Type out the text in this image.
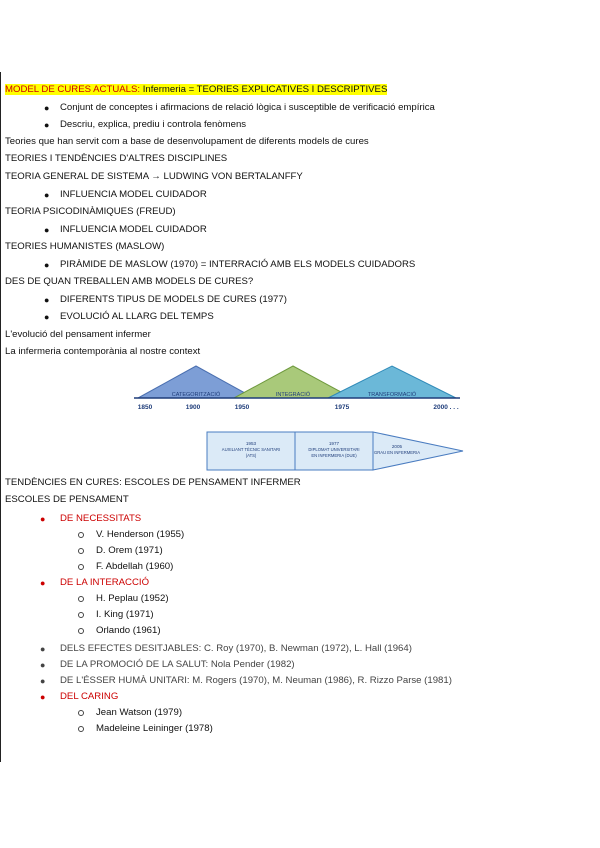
MODEL DE CURES ACTUALS: Infermeria = TEORIES EXPLICATIVES I DESCRIPTIVES
● Conjunt de conceptes i afirmacions de relació lògica i susceptible de verificació empírica
● Descriu, explica, prediu i controla fenòmens
Teories que han servit com a base de desenvolupament de diferents models de cures
TEORIES I TENDÈNCIES D'ALTRES DISCIPLINES
TEORIA GENERAL DE SISTEMA → LUDWING VON BERTALANFFY
● INFLUENCIA MODEL CUIDADOR
TEORIA PSICODINÀMIQUES (FREUD)
● INFLUENCIA MODEL CUIDADOR
TEORIES HUMANISTES (MASLOW)
● PIRÀMIDE DE MASLOW (1970) = INTERRACIÓ AMB ELS MODELS CUIDADORS
DES DE QUAN TREBALLEN AMB MODELS DE CURES?
● DIFERENTS TIPUS DE MODELS DE CURES (1977)
● EVOLUCIÓ AL LLARG DEL TEMPS
L'evolució del pensament infermer
La infermeria contemporània al nostre context
CATEGORITZACIÓ	INTEGRACIÓ	TRANSFORMACIÓ
1850	1900	1950	1975	2000 . . .
1953
AUXILIANT TÈCNIC SANITARI
(ATS)
1977
DIPLOMAT UNIVERSITARI
EN INFERMERIA (DUE)
2005
GRAU EN INFERMERIA
TENDÈNCIES EN CURES: ESCOLES DE PENSAMENT INFERMER
ESCOLES DE PENSAMENT
● DE NECESSITATS
V. Henderson (1955)
D. Orem (1971)
F. Abdellah (1960)
● DE LA INTERACCIÓ
H. Peplau (1952)
I. King (1971)
Orlando (1961)
● DELS EFECTES DESITJABLES: C. Roy (1970), B. Newman (1972), L. Hall (1964)
● DE LA PROMOCIÓ DE LA SALUT: Nola Pender (1982)
● DE L'ÉSSER HUMÀ UNITARI: M. Rogers (1970), M. Neuman (1986), R. Rizzo Parse (1981)
● DEL CARING
Jean Watson (1979)
Madeleine Leininger (1978)
